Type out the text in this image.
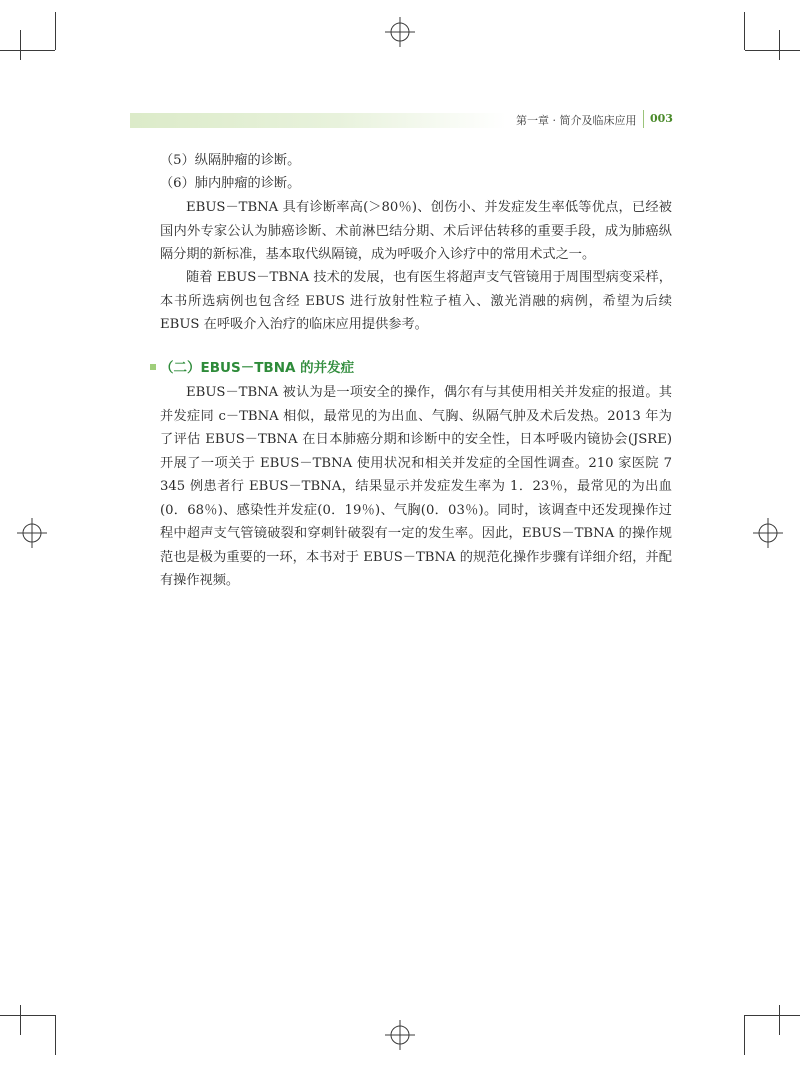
第一章 · 简介及临床应用 003
（5）纵隔肿瘤的诊断。
（6）肺内肿瘤的诊断。
EBUS－TBNA 具有诊断率高(＞80％)、创伤小、并发症发生率低等优点，已经被国内外专家公认为肺癌诊断、术前淋巴结分期、术后评估转移的重要手段，成为肺癌纵隔分期的新标准，基本取代纵隔镜，成为呼吸介入诊疗中的常用术式之一。
随着 EBUS－TBNA 技术的发展，也有医生将超声支气管镜用于周围型病变采样，本书所选病例也包含经 EBUS 进行放射性粒子植入、激光消融的病例，希望为后续 EBUS 在呼吸介入治疗的临床应用提供参考。
（二）EBUS－TBNA 的并发症
EBUS－TBNA 被认为是一项安全的操作，偶尔有与其使用相关并发症的报道。其并发症同 c－TBNA 相似，最常见的为出血、气胸、纵隔气肿及术后发热。2013 年为了评估 EBUS－TBNA 在日本肺癌分期和诊断中的安全性，日本呼吸内镜协会(JSRE)开展了一项关于 EBUS－TBNA 使用状况和相关并发症的全国性调查。210 家医院 7 345 例患者行 EBUS－TBNA，结果显示并发症发生率为 1．23％，最常见的为出血(0．68％)、感染性并发症(0．19％)、气胸(0．03％)。同时，该调查中还发现操作过程中超声支气管镜破裂和穿刺针破裂有一定的发生率。因此，EBUS－TBNA 的操作规范也是极为重要的一环，本书对于 EBUS－TBNA 的规范化操作步骤有详细介绍，并配有操作视频。
